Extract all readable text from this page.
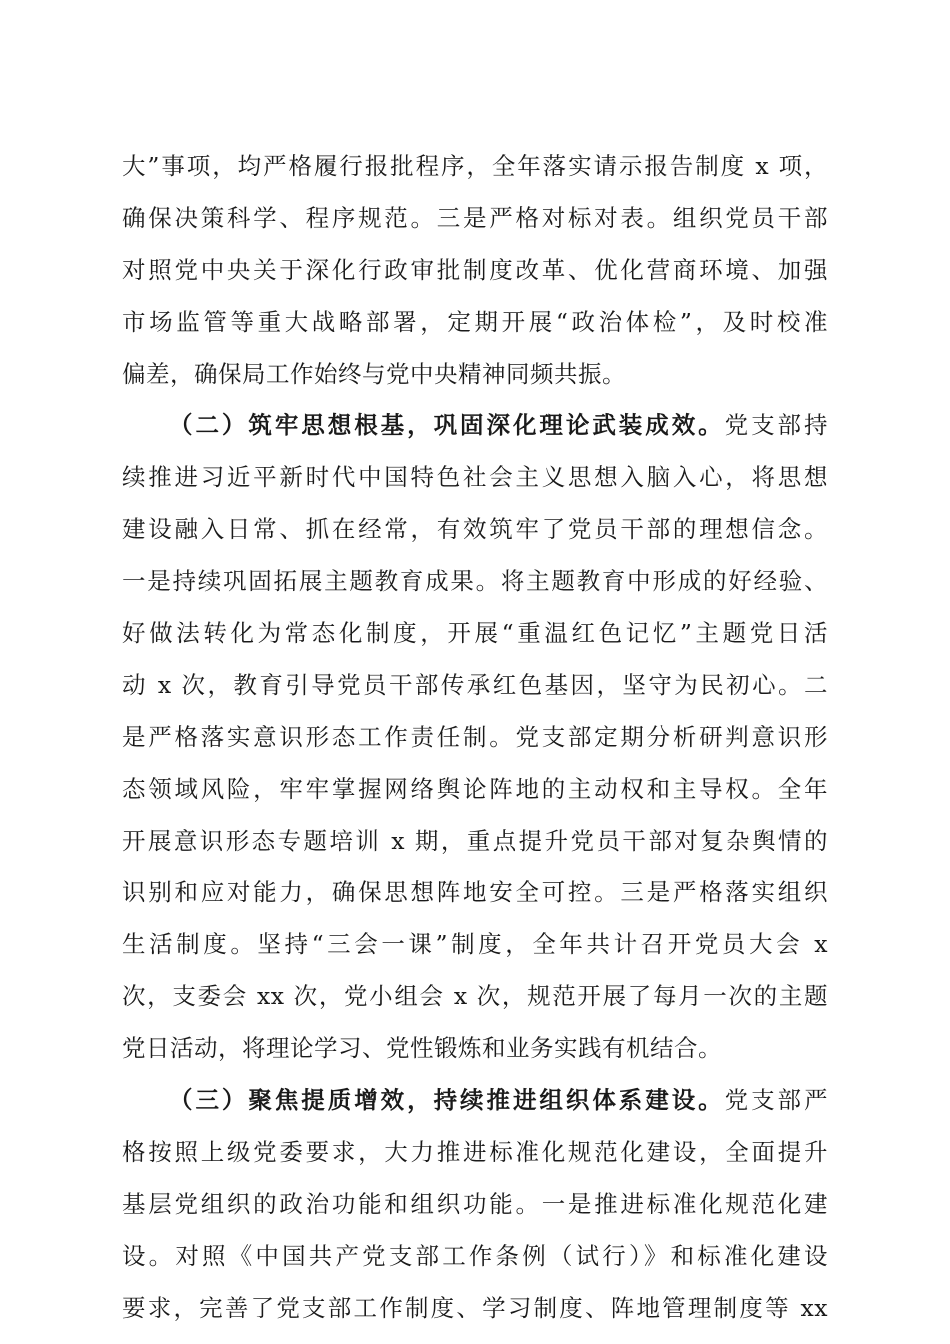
大”事项，均严格履行报批程序，全年落实请示报告制度 x 项，
确保决策科学、程序规范。三是严格对标对表。组织党员干部
对照党中央关于深化行政审批制度改革、优化营商环境、加强
市场监管等重大战略部署，定期开展“政治体检”，及时校准
偏差，确保局工作始终与党中央精神同频共振。
（二）筑牢思想根基，巩固深化理论武装成效。党支部持
续推进习近平新时代中国特色社会主义思想入脑入心，将思想
建设融入日常、抓在经常，有效筑牢了党员干部的理想信念。
一是持续巩固拓展主题教育成果。将主题教育中形成的好经验、
好做法转化为常态化制度，开展“重温红色记忆”主题党日活
动 x 次，教育引导党员干部传承红色基因，坚守为民初心。二
是严格落实意识形态工作责任制。党支部定期分析研判意识形
态领域风险，牢牢掌握网络舆论阵地的主动权和主导权。全年
开展意识形态专题培训 x 期，重点提升党员干部对复杂舆情的
识别和应对能力，确保思想阵地安全可控。三是严格落实组织
生活制度。坚持“三会一课”制度，全年共计召开党员大会 x
次，支委会 xx 次，党小组会 x 次，规范开展了每月一次的主题
党日活动，将理论学习、党性锻炼和业务实践有机结合。
（三）聚焦提质增效，持续推进组织体系建设。党支部严
格按照上级党委要求，大力推进标准化规范化建设，全面提升
基层党组织的政治功能和组织功能。一是推进标准化规范化建
设。对照《中国共产党支部工作条例（试行）》和标准化建设
要求，完善了党支部工作制度、学习制度、阵地管理制度等 xx
